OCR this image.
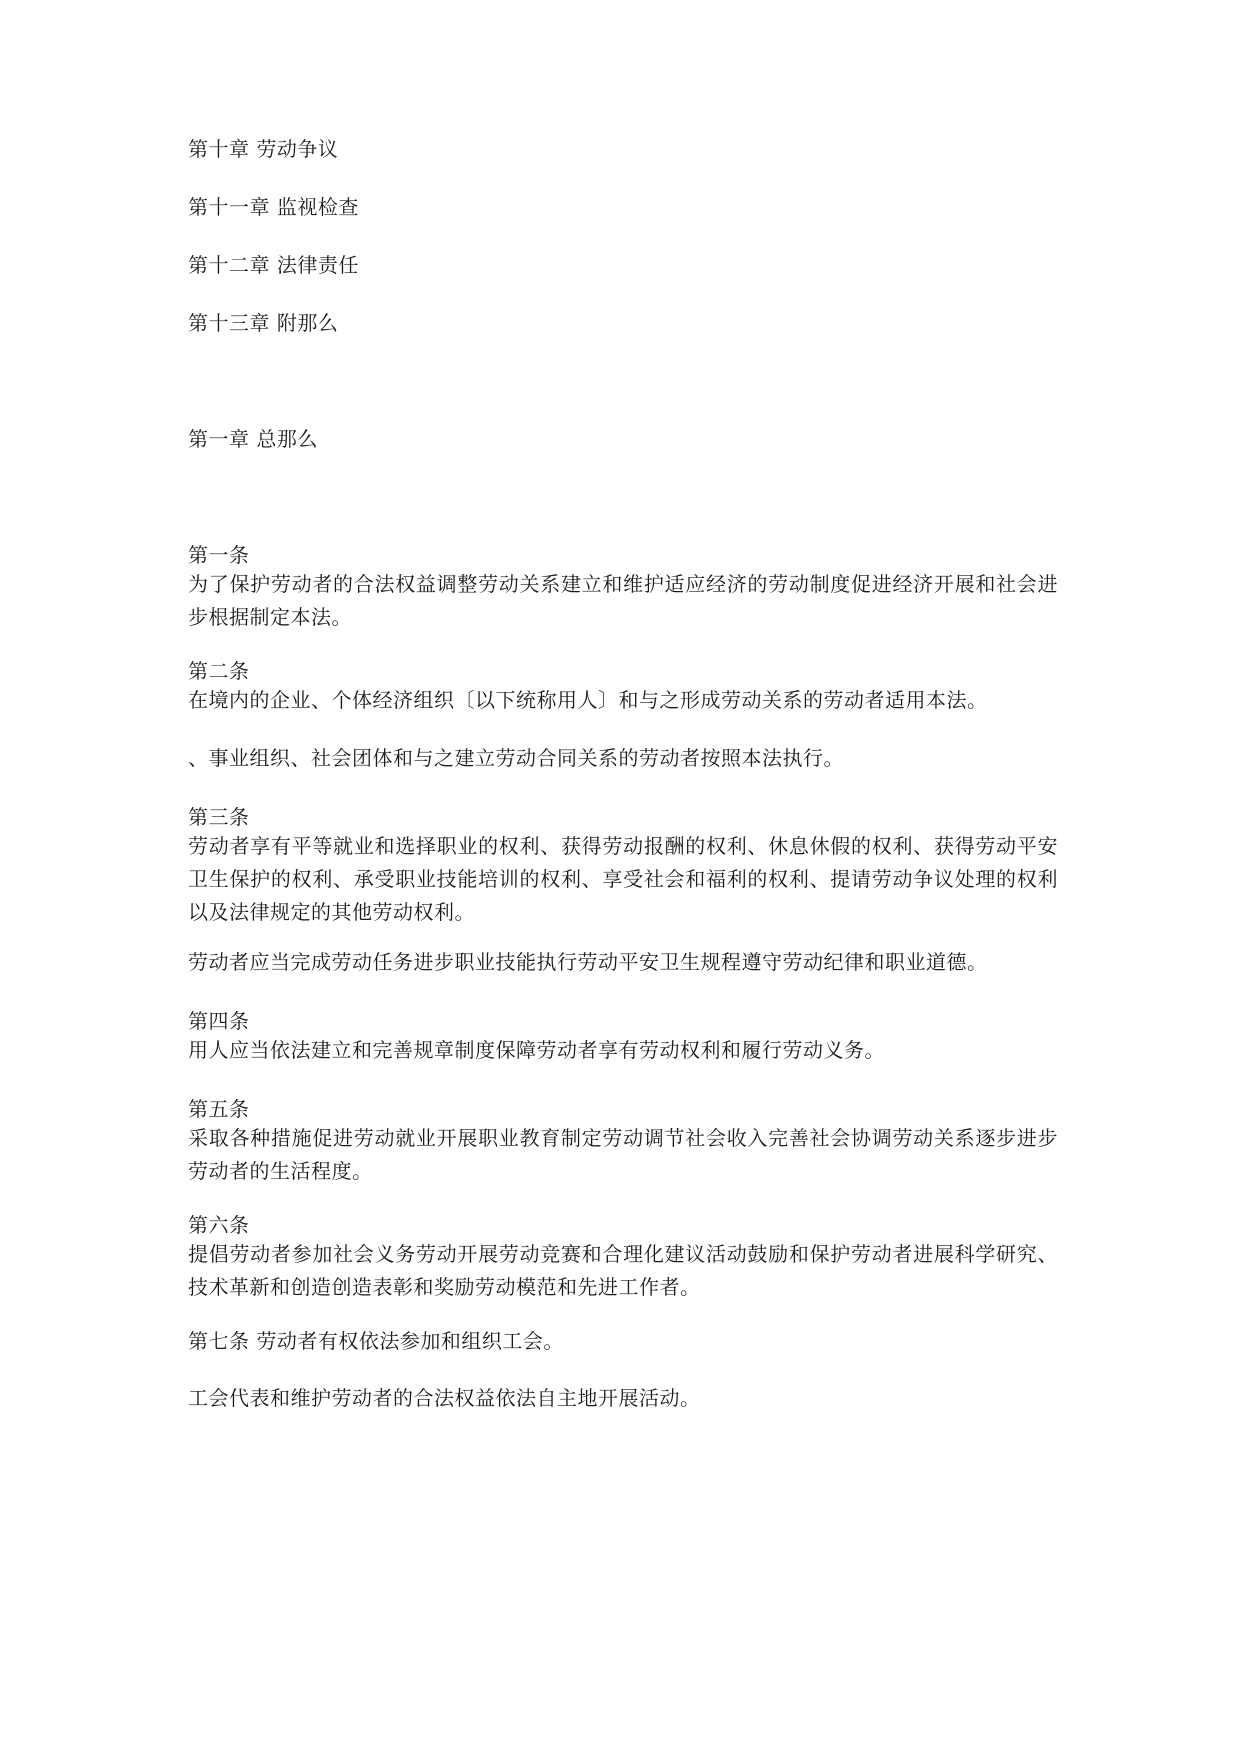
第十章 劳动争议
第十一章 监视检查
第十二章 法律责任
第十三章 附那么
第一章 总那么
第一条
为了保护劳动者的合法权益调整劳动关系建立和维护适应经济的劳动制度促进经济开展和社会进步根据制定本法。
第二条
在境内的企业、个体经济组织〔以下统称用人〕和与之形成劳动关系的劳动者适用本法。
、事业组织、社会团体和与之建立劳动合同关系的劳动者按照本法执行。
第三条
劳动者享有平等就业和选择职业的权利、获得劳动报酬的权利、休息休假的权利、获得劳动平安卫生保护的权利、承受职业技能培训的权利、享受社会和福利的权利、提请劳动争议处理的权利以及法律规定的其他劳动权利。
劳动者应当完成劳动任务进步职业技能执行劳动平安卫生规程遵守劳动纪律和职业道德。
第四条
用人应当依法建立和完善规章制度保障劳动者享有劳动权利和履行劳动义务。
第五条
采取各种措施促进劳动就业开展职业教育制定劳动调节社会收入完善社会协调劳动关系逐步进步劳动者的生活程度。
第六条
提倡劳动者参加社会义务劳动开展劳动竞赛和合理化建议活动鼓励和保护劳动者进展科学研究、技术革新和创造创造表彰和奖励劳动模范和先进工作者。
第七条 劳动者有权依法参加和组织工会。
工会代表和维护劳动者的合法权益依法自主地开展活动。
